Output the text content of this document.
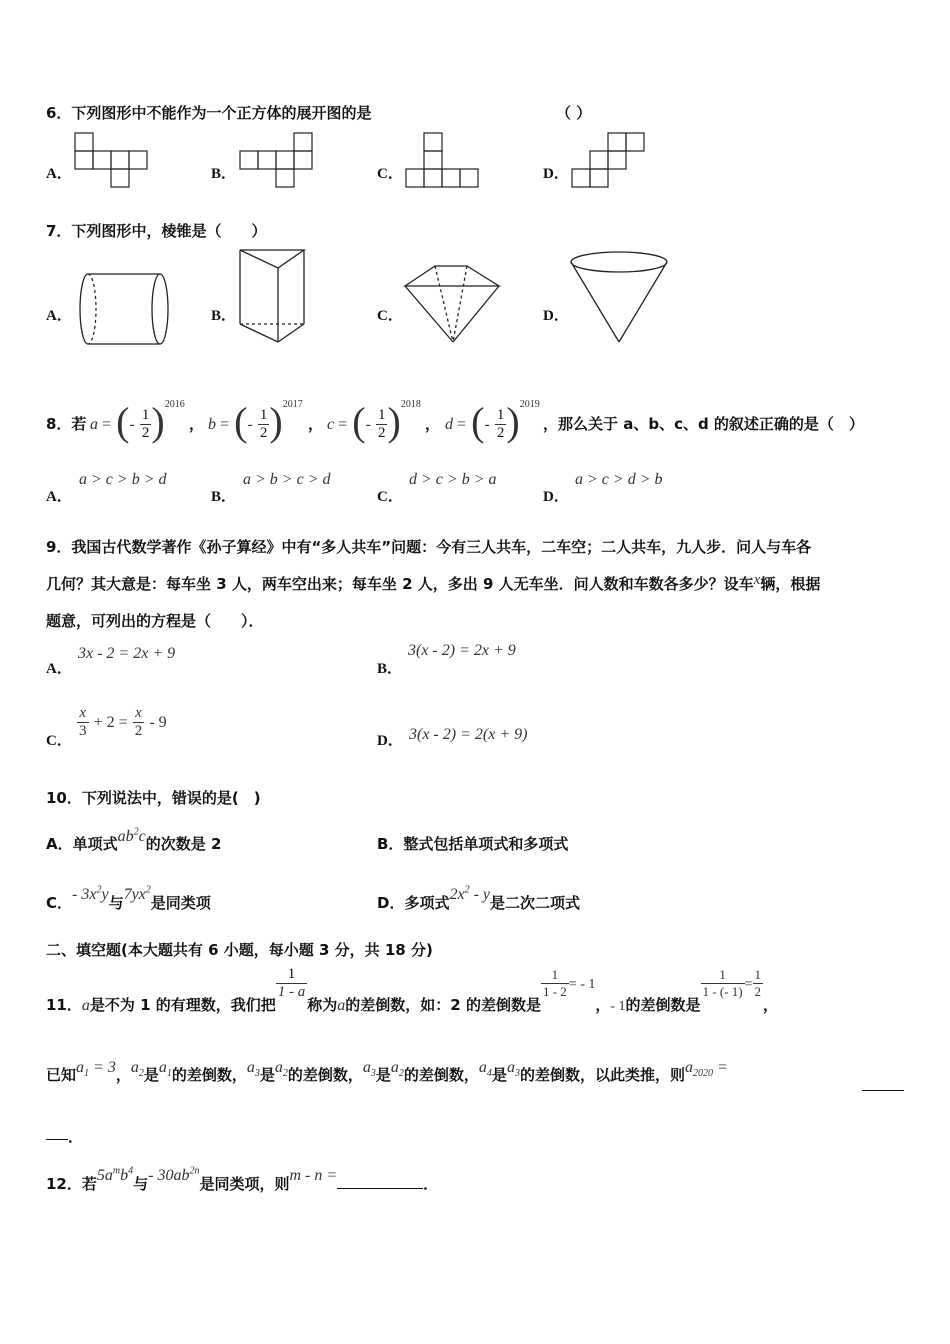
6．下列图形中不能作为一个正方体的展开图的是	（ ）
A．	B．	C．	D．
7．下列图形中，棱锥是（　　）
A．	B．	C．	D．
8．若 a = (- $\frac{1}{2} )^{2016}$
， b = (- $\frac{1}{2} )^{2017}$
， c = (- $\frac{1}{2} )^{2018}$
， d = (- $\frac{1}{2} )^{2019}$
，那么关于 a、b、c、d 的叙述正确的是（　）
A．
a > c > b > d
B．
a > b > c > d
C．
d > c > b > a
D．
a > c > d > b
9．我国古代数学著作《孙子算经》中有“多人共车”问题：今有三人共车，二车空；二人共车，九人步．问人与车各
几何？其大意是：每车坐 3 人，两车空出来；每车坐 2 人，多出 9 人无车坐．问人数和车数各多少？设车x辆，根据
题意，可列出的方程是（　　）．
A．
3x - 2 = 2x + 9
B．
3(x - 2) = 2x + 9
C．
$\frac{x}{3} + 2 = \frac{x}{2} - 9$
D． 3(x - 2) = 2(x + 9)
10．下列说法中，错误的是(　)
A．单项式$ab^2c$的次数是 2	B．整式包括单项式和多项式
C．- $3x^2y$与$7yx^2$是同类项	D．多项式$2x^2$ - y是二次二项式
二、填空题(本大题共有 6 小题，每小题 3 分，共 18 分)
11．a是不为 1 的有理数，我们把
$\frac{1}{1 - a}$
称为a的差倒数，如：2 的差倒数是
$\frac{1}{1 - 2}$ = - 1，- 1的差倒数是
$\frac{1}{1 - (- 1)} = \frac{1}{2}$
，
已知$a_1 = 3$，$a_2$是$a_1$的差倒数，$a_3$是$a_2$的差倒数，$a_3$是$a_2$的差倒数，$a_4$是$a_3$的差倒数，以此类推，则$a_{2020}$ =
．
12．若$5a^mb^4$与- $30ab^{2n}$是同类项，则m - n =	．
